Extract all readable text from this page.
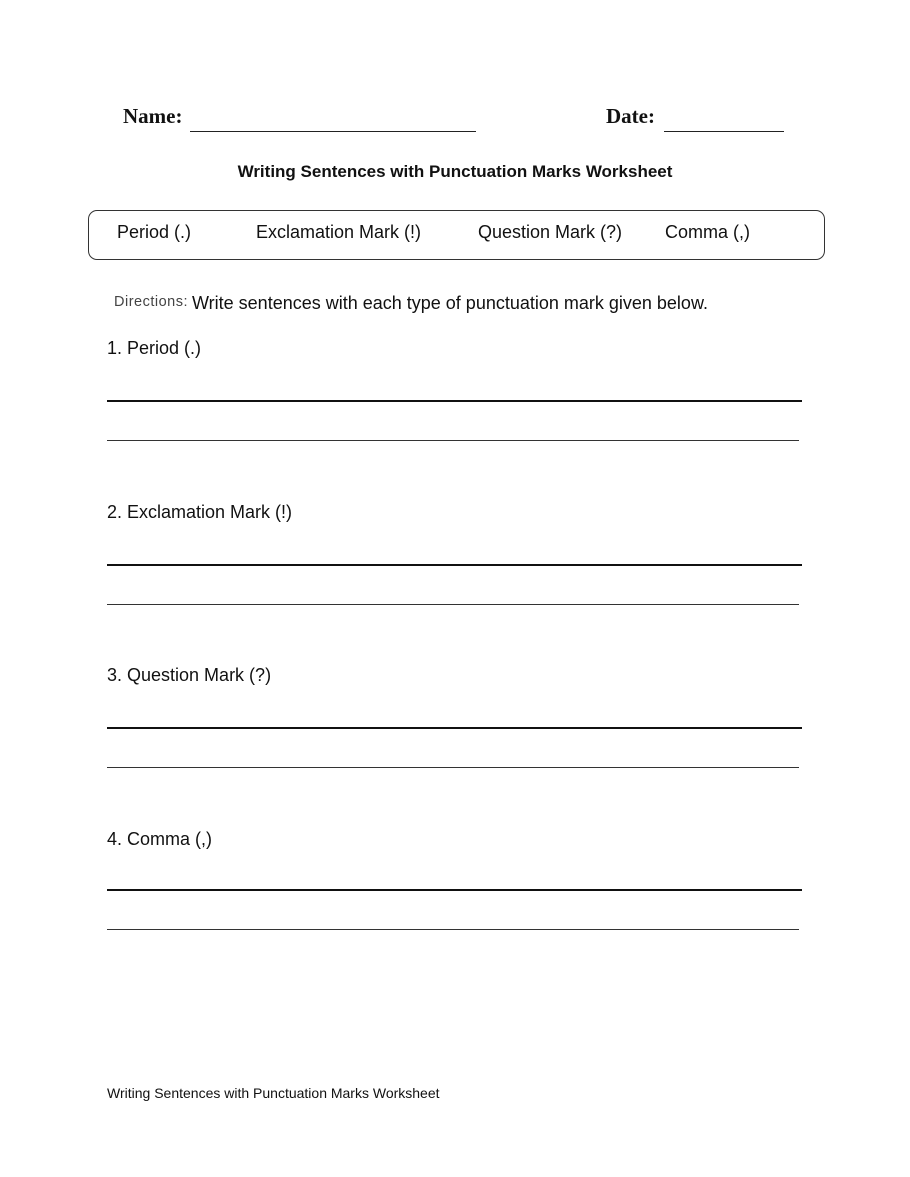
Name:	Date:
Writing Sentences with Punctuation Marks Worksheet
Period (.)	Exclamation Mark (!)	Question Mark (?) Comma (,)
Directions: Write sentences with each type of punctuation mark given below.
1. Period (.)
2. Exclamation Mark (!)
3. Question Mark (?)
4. Comma (,)
Writing Sentences with Punctuation Marks Worksheet
